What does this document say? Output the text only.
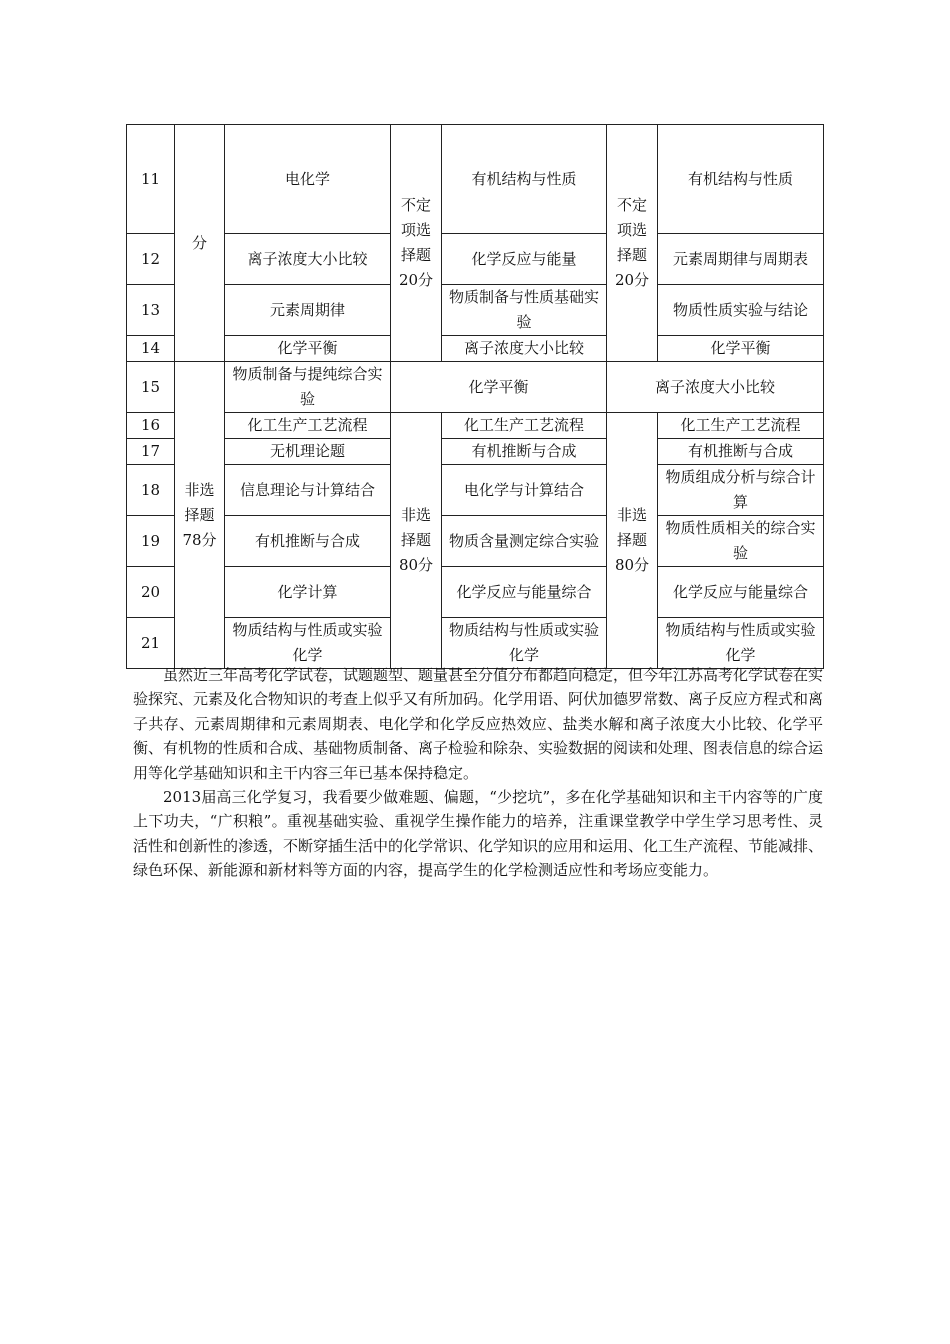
11	分	电化学	不定项选择题20分	有机结构与性质	不定项选择题20分	有机结构与性质
12		离子浓度大小比较		化学反应与能量		元素周期律与周期表
13		元素周期律		物质制备与性质基础实验		物质性质实验与结论
14		化学平衡		离子浓度大小比较		化学平衡
15	非选择题78分	物质制备与提纯综合实验	化学平衡		离子浓度大小比较	
16		化工生产工艺流程	非选择题80分	化工生产工艺流程	非选择题80分	化工生产工艺流程
17		无机理论题		有机推断与合成		有机推断与合成
18		信息理论与计算结合		电化学与计算结合		物质组成分析与综合计算
19		有机推断与合成		物质含量测定综合实验		物质性质相关的综合实验
20		化学计算		化学反应与能量综合		化学反应与能量综合
21		物质结构与性质或实验化学		物质结构与性质或实验化学		物质结构与性质或实验化学

虽然近三年高考化学试卷，试题题型、题量甚至分值分布都趋向稳定，但今年江苏高考化学试卷在实验探究、元素及化合物知识的考查上似乎又有所加码。化学用语、阿伏加德罗常数、离子反应方程式和离子共存、元素周期律和元素周期表、电化学和化学反应热效应、盐类水解和离子浓度大小比较、化学平衡、有机物的性质和合成、基础物质制备、离子检验和除杂、实验数据的阅读和处理、图表信息的综合运用等化学基础知识和主干内容三年已基本保持稳定。

2013届高三化学复习，我看要少做难题、偏题，“少挖坑”，多在化学基础知识和主干内容等的广度上下功夫，“广积粮”。重视基础实验、重视学生操作能力的培养，注重课堂教学中学生学习思考性、灵活性和创新性的渗透，不断穿插生活中的化学常识、化学知识的应用和运用、化工生产流程、节能减排、绿色环保、新能源和新材料等方面的内容，提高学生的化学检测适应性和考场应变能力。
